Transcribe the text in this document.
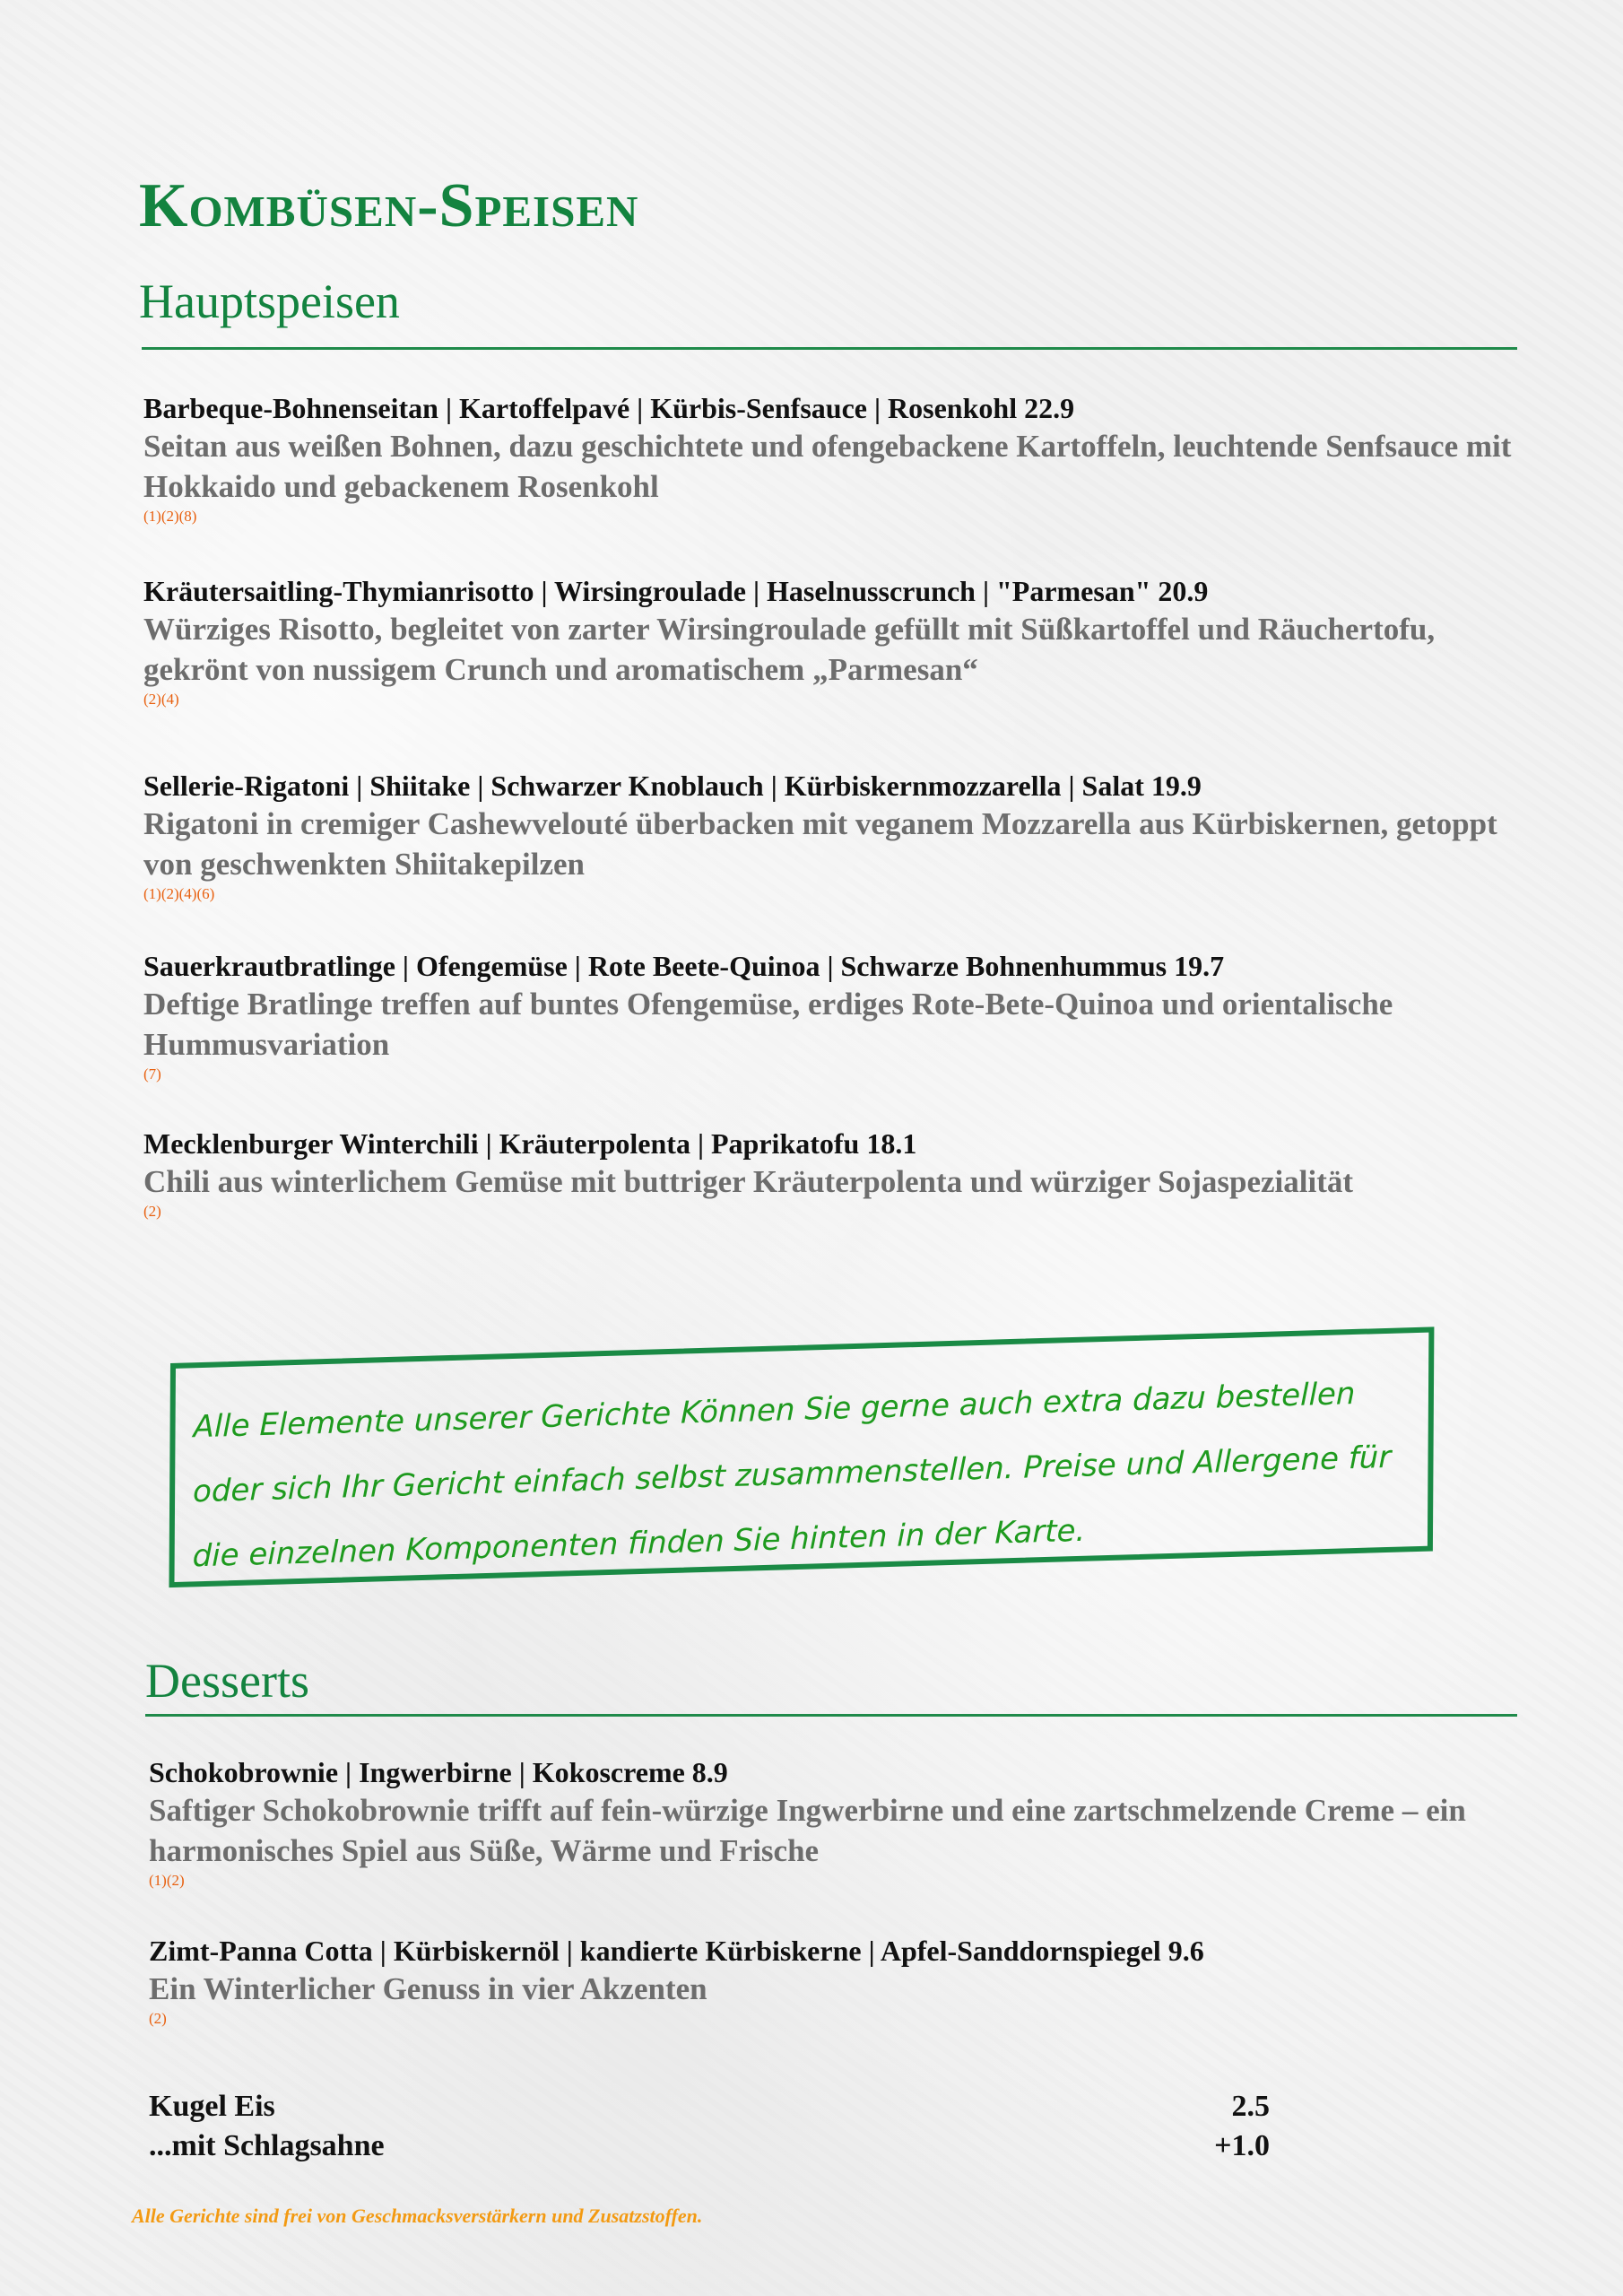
Kombüsen-Speisen
Hauptspeisen
Barbeque-Bohnenseitan | Kartoffelpavé | Kürbis-Senfsauce | Rosenkohl 22.9
Seitan aus weißen Bohnen, dazu geschichtete und ofengebackene Kartoffeln, leuchtende Senfsauce mit Hokkaido und gebackenem Rosenkohl
(1)(2)(8)
Kräutersaitling-Thymianrisotto | Wirsingroulade | Haselnusscrunch | "Parmesan" 20.9
Würziges Risotto, begleitet von zarter Wirsingroulade gefüllt mit Süßkartoffel und Räuchertofu, gekrönt von nussigem Crunch und aromatischem „Parmesan“
(2)(4)
Sellerie-Rigatoni | Shiitake | Schwarzer Knoblauch | Kürbiskernmozzarella | Salat 19.9
Rigatoni in cremiger Cashewvelouté überbacken mit veganem Mozzarella aus Kürbiskernen, getoppt von geschwenkten Shiitakepilzen
(1)(2)(4)(6)
Sauerkrautbratlinge | Ofengemüse | Rote Beete-Quinoa | Schwarze Bohnenhummus 19.7
Deftige Bratlinge treffen auf buntes Ofengemüse, erdiges Rote-Bete-Quinoa und orientalische Hummusvariation
(7)
Mecklenburger Winterchili | Kräuterpolenta | Paprikatofu 18.1
Chili aus winterlichem Gemüse mit buttriger Kräuterpolenta und würziger Sojaspezialität
(2)
Alle Elemente unserer Gerichte Können Sie gerne auch extra dazu bestellen oder sich Ihr Gericht einfach selbst zusammenstellen. Preise und Allergene für die einzelnen Komponenten finden Sie hinten in der Karte.
Desserts
Schokobrownie | Ingwerbirne | Kokoscreme 8.9
Saftiger Schokobrownie trifft auf fein-würzige Ingwerbirne und eine zartschmelzende Creme – ein harmonisches Spiel aus Süße, Wärme und Frische
(1)(2)
Zimt-Panna Cotta | Kürbiskernöl | kandierte Kürbiskerne | Apfel-Sanddornspiegel 9.6
Ein Winterlicher Genuss in vier Akzenten
(2)
Kugel Eis	2.5
...mit Schlagsahne	+1.0
Alle Gerichte sind frei von Geschmacksverstärkern und Zusatzstoffen.
